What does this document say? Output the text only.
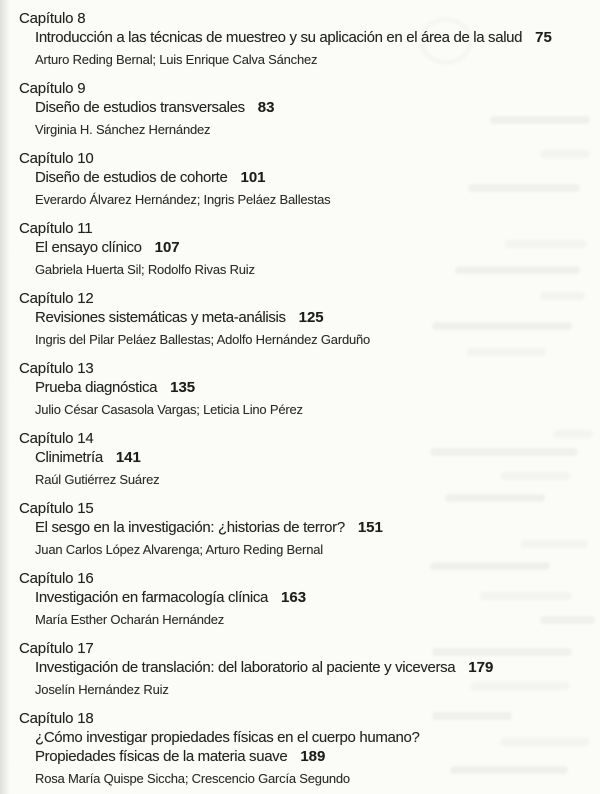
Capítulo 8
Introducción a las técnicas de muestreo y su aplicación en el área de la salud 75
Arturo Reding Bernal; Luis Enrique Calva Sánchez
Capítulo 9
Diseño de estudios transversales 83
Virginia H. Sánchez Hernández
Capítulo 10
Diseño de estudios de cohorte 101
Everardo Álvarez Hernández; Ingris Peláez Ballestas
Capítulo 11
El ensayo clínico 107
Gabriela Huerta Sil; Rodolfo Rivas Ruiz
Capítulo 12
Revisiones sistemáticas y meta-análisis 125
Ingris del Pilar Peláez Ballestas; Adolfo Hernández Garduño
Capítulo 13
Prueba diagnóstica 135
Julio César Casasola Vargas; Leticia Lino Pérez
Capítulo 14
Clinimetría 141
Raúl Gutiérrez Suárez
Capítulo 15
El sesgo en la investigación: ¿historias de terror? 151
Juan Carlos López Alvarenga; Arturo Reding Bernal
Capítulo 16
Investigación en farmacología clínica 163
María Esther Ocharán Hernández
Capítulo 17
Investigación de translación: del laboratorio al paciente y viceversa 179
Joselín Hernández Ruiz
Capítulo 18
¿Cómo investigar propiedades físicas en el cuerpo humano?
Propiedades físicas de la materia suave 189
Rosa María Quispe Siccha; Crescencio García Segundo
